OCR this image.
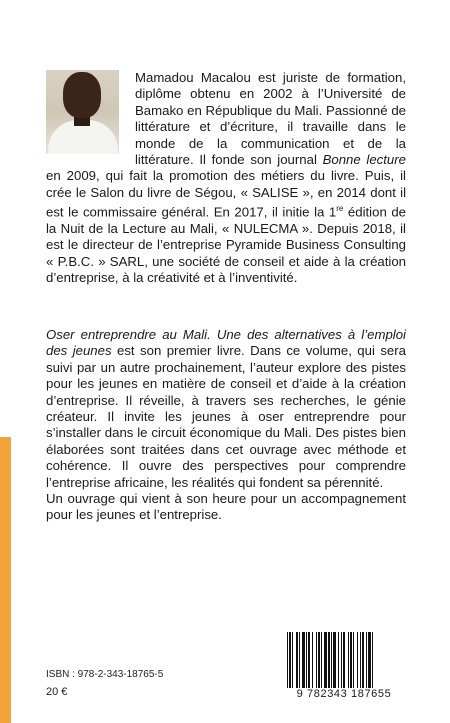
Mamadou Macalou est juriste de formation, diplôme obtenu en 2002 à l’Université de Bamako en République du Mali. Passionné de littérature et d’écriture, il travaille dans le monde de la communication et de la littérature. Il fonde son journal Bonne lecture en 2009, qui fait la promotion des métiers du livre. Puis, il crée le Salon du livre de Ségou, « SALISE », en 2014 dont il est le commissaire général. En 2017, il initie la 1re édition de la Nuit de la Lecture au Mali, « NULECMA ». Depuis 2018, il est le directeur de l’entreprise Pyramide Business Consulting « P.B.C. » SARL, une société de conseil et aide à la création d’entreprise, à la créativité et à l’inventivité.

Oser entreprendre au Mali. Une des alternatives à l’emploi des jeunes est son premier livre. Dans ce volume, qui sera suivi par un autre prochainement, l’auteur explore des pistes pour les jeunes en matière de conseil et d’aide à la création d’entreprise. Il réveille, à travers ses recherches, le génie créateur. Il invite les jeunes à oser entreprendre pour s’installer dans le circuit économique du Mali. Des pistes bien élaborées sont traitées dans cet ouvrage avec méthode et cohérence. Il ouvre des perspectives pour comprendre l’entreprise africaine, les réalités qui fondent sa pérennité.

Un ouvrage qui vient à son heure pour un accompagnement pour les jeunes et l’entreprise.

ISBN : 978-2-343-18765-5
20 €	9 782343 187655
